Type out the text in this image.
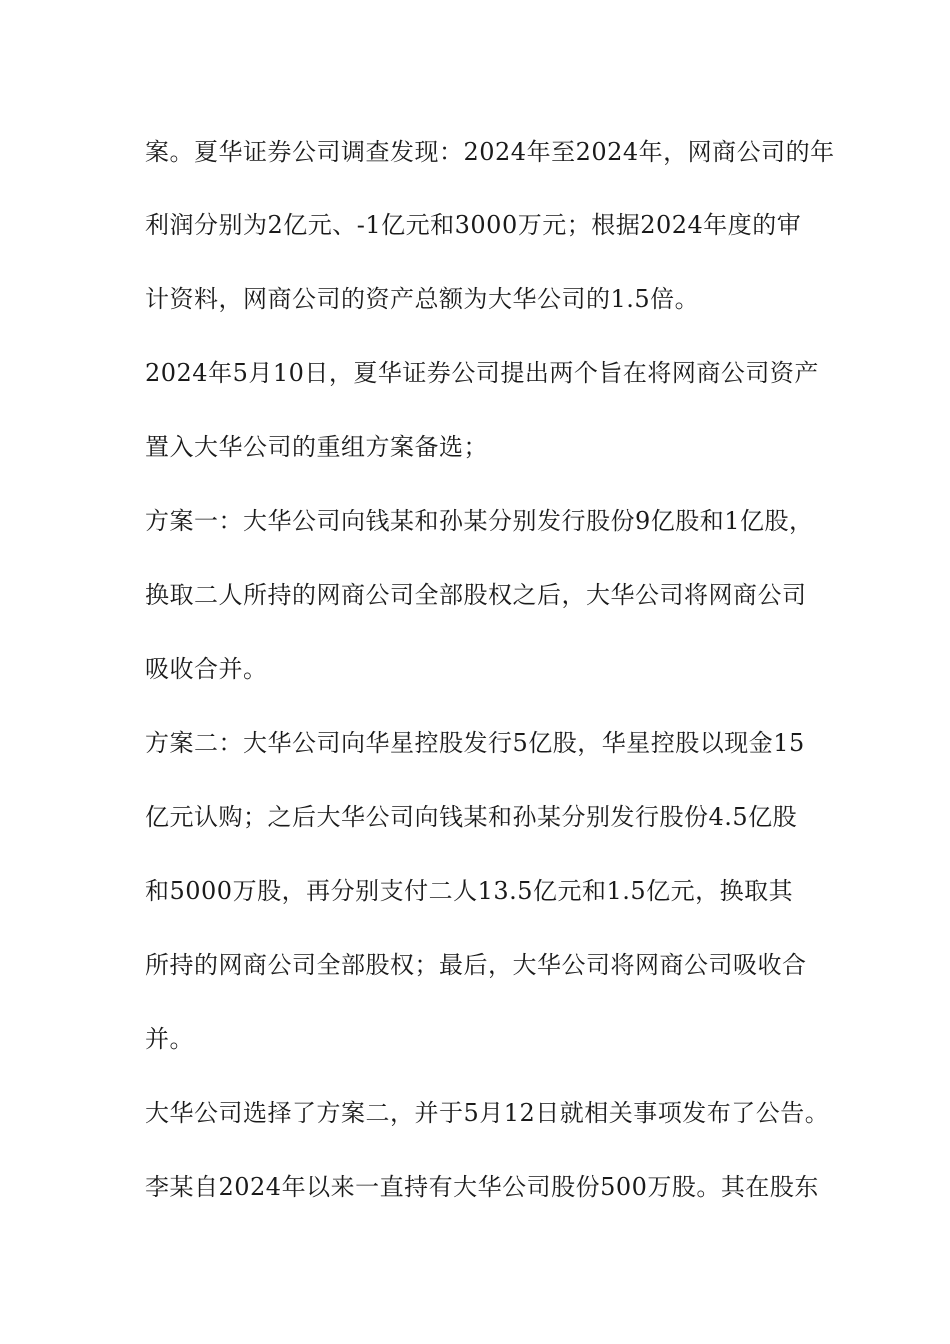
案。夏华证券公司调查发现：2024年至2024年，网商公司的年
利润分别为2亿元、-1亿元和3000万元；根据2024年度的审
计资料，网商公司的资产总额为大华公司的1.5倍。
2024年5月10日，夏华证券公司提出两个旨在将网商公司资产
置入大华公司的重组方案备选；
方案一：大华公司向钱某和孙某分别发行股份9亿股和1亿股，
换取二人所持的网商公司全部股权之后，大华公司将网商公司
吸收合并。
方案二：大华公司向华星控股发行5亿股，华星控股以现金15
亿元认购；之后大华公司向钱某和孙某分别发行股份4.5亿股
和5000万股，再分别支付二人13.5亿元和1.5亿元，换取其
所持的网商公司全部股权；最后，大华公司将网商公司吸收合
并。
大华公司选择了方案二，并于5月12日就相关事项发布了公告。
李某自2024年以来一直持有大华公司股份500万股。其在股东
